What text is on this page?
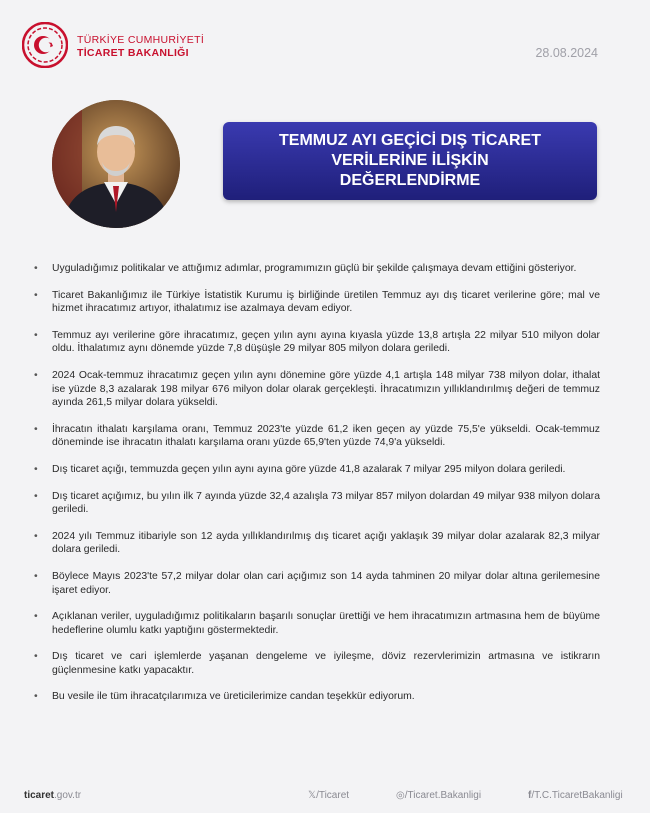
TÜRKİYE CUMHURİYETİ
TİCARET BAKANLIĞI	28.08.2024
TEMMUZ AYI GEÇİCİ DIŞ TİCARET VERİLERİNE İLİŞKİN DEĞERLENDİRME
• Uyguladığımız politikalar ve attığımız adımlar, programımızın güçlü bir şekilde çalışmaya devam ettiğini gösteriyor.
• Ticaret Bakanlığımız ile Türkiye İstatistik Kurumu iş birliğinde üretilen Temmuz ayı dış ticaret verilerine göre; mal ve hizmet ihracatımız artıyor, ithalatımız ise azalmaya devam ediyor.
• Temmuz ayı verilerine göre ihracatımız, geçen yılın aynı ayına kıyasla yüzde 13,8 artışla 22 milyar 510 milyon dolar oldu. İthalatımız aynı dönemde yüzde 7,8 düşüşle 29 milyar 805 milyon dolara geriledi.
• 2024 Ocak-temmuz ihracatımız geçen yılın aynı dönemine göre yüzde 4,1 artışla 148 milyar 738 milyon dolar, ithalat ise yüzde 8,3 azalarak 198 milyar 676 milyon dolar olarak gerçekleşti. İhracatımızın yıllıklandırılmış değeri de temmuz ayında 261,5 milyar dolara yükseldi.
• İhracatın ithalatı karşılama oranı, Temmuz 2023'te yüzde 61,2 iken geçen ay yüzde 75,5'e yükseldi. Ocak-temmuz döneminde ise ihracatın ithalatı karşılama oranı yüzde 65,9'ten yüzde 74,9'a yükseldi.
• Dış ticaret açığı, temmuzda geçen yılın aynı ayına göre yüzde 41,8 azalarak 7 milyar 295 milyon dolara geriledi.
• Dış ticaret açığımız, bu yılın ilk 7 ayında yüzde 32,4 azalışla 73 milyar 857 milyon dolardan 49 milyar 938 milyon dolara geriledi.
• 2024 yılı Temmuz itibariyle son 12 ayda yıllıklandırılmış dış ticaret açığı yaklaşık 39 milyar dolar azalarak 82,3 milyar dolara geriledi.
• Böylece Mayıs 2023'te 57,2 milyar dolar olan cari açığımız son 14 ayda tahminen 20 milyar dolar altına gerilemesine işaret ediyor.
• Açıklanan veriler, uyguladığımız politikaların başarılı sonuçlar ürettiği ve hem ihracatımızın artmasına hem de büyüme hedeflerine olumlu katkı yaptığını göstermektedir.
• Dış ticaret ve cari işlemlerde yaşanan dengeleme ve iyileşme, döviz rezervlerimizin artmasına ve istikrarın güçlenmesine katkı yapacaktır.
• Bu vesile ile tüm ihracatçılarımıza ve üreticilerimize candan teşekkür ediyorum.
ticaret.gov.tr	𝕏/Ticaret	◎/Ticaret.Bakanligi	f/T.C.TicaretBakanligi
